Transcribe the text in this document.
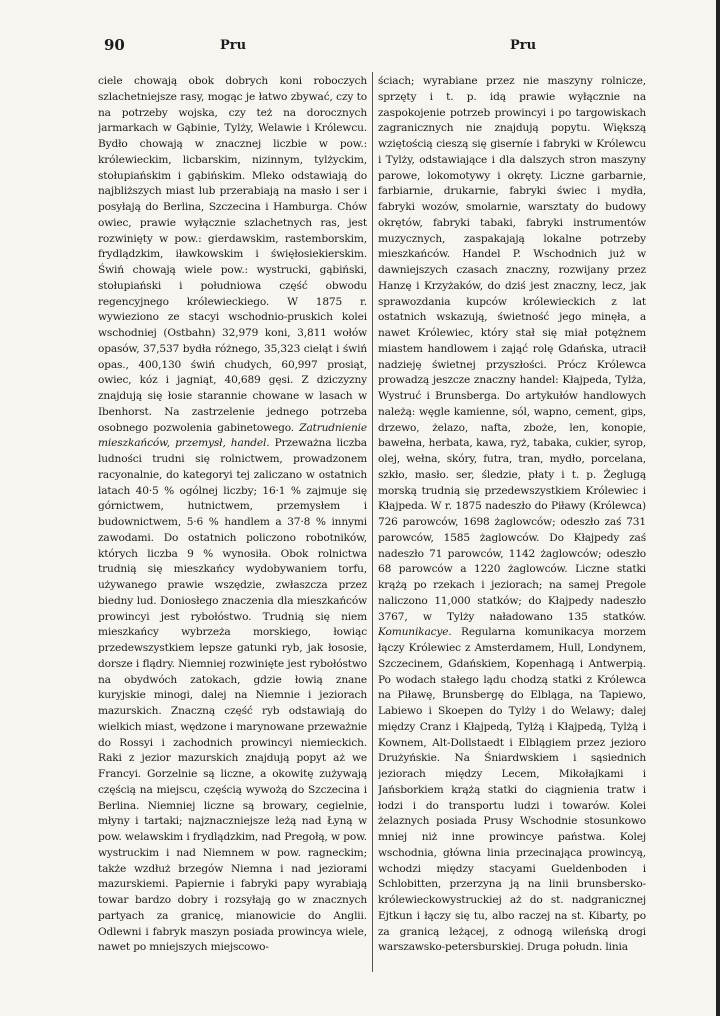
90	Pru	Pru

ciele chowają obok dobrych koni roboczych szlachetniejsze rasy, mogąc je łatwo zbywać, czy to na potrzeby wojska, czy też na dorocznych jarmarkach w Gąbinie, Tylży, Welawie i Królewcu. Bydło chowają w znacznej liczbie w pow.: królewieckim, licbarskim, nizinnym, tylżyckim, stołupiańskim i gąbińskim. Mleko odstawiają do najbliższych miast lub przerabiają na masło i ser i posyłają do Berlina, Szczecina i Hamburga. Chów owiec, prawie wyłącznie szlachetnych ras, jest rozwinięty w pow.: gierdawskim, rastemborskim, frydlądzkim, iławkowskim i święłosiekierskim. Świń chowają wiele pow.: wystrucki, gąbiński, stołupiański i południowa część obwodu regencyjnego królewieckiego. W 1875 r. wywieziono ze stacyi wschodnio-pruskich kolei wschodniej (Ostbahn) 32,979 koni, 3,811 wołów opasów, 37,537 bydła różnego, 35,323 cieląt i świń opas., 400,130 świń chudych, 60,997 prosiąt, owiec, kóz i jagniąt, 40,689 gęsi. Z dziczyzny znajdują się łosie starannie chowane w lasach w Ibenhorst. Na zastrzelenie jednego potrzeba osobnego pozwolenia gabinetowego. Zatrudnienie mieszkańców, przemysł, handel. Przeważna liczba ludności trudni się rolnictwem, prowadzonem racyonalnie, do kategoryi tej zaliczano w ostatnich latach 40·5 % ogólnej liczby; 16·1 % zajmuje się górnictwem, hutnictwem, przemysłem i budownictwem, 5·6 % handlem a 37·8 % innymi zawodami. Do ostatnich policzono robotników, których liczba 9 % wynosiła. Obok rolnictwa trudnią się mieszkańcy wydobywaniem torfu, używanego prawie wszędzie, zwłaszcza przez biedny lud. Doniosłego znaczenia dla mieszkańców prowincyi jest rybołóstwo. Trudnią się niem mieszkańcy wybrzeża morskiego, łowiąc przedewszystkiem lepsze gatunki ryb, jak łososie, dorsze i flądry. Niemniej rozwinięte jest rybołóstwo na obydwóch zatokach, gdzie łowią znane kuryjskie minogi, dalej na Niemnie i jeziorach mazurskich. Znaczną część ryb odstawiają do wielkich miast, wędzone i marynowane przeważnie do Rossyi i zachodnich prowincyi niemieckich. Raki z jezior mazurskich znajdują popyt aż we Francyi. Gorzelnie są liczne, a okowitę zużywają częścią na miejscu, częścią wywożą do Szczecina i Berlina. Niemniej liczne są browary, cegielnie, młyny i tartaki; najznaczniejsze leżą nad Łyną w pow. welawskim i frydlądzkim, nad Pregołą, w pow. wystruckim i nad Niemnem w pow. ragneckim; także wzdłuż brzegów Niemna i nad jeziorami mazurskiemi. Papiernie i fabryki papy wyrabiają towar bardzo dobry i rozsyłają go w znacznych partyach za granicę, mianowicie do Anglii. Odlewni i fabryk maszyn posiada prowincya wiele, nawet po mniejszych miejscowo-

ściach; wyrabiane przez nie maszyny rolnicze, sprzęty i t. p. idą prawie wyłącznie na zaspokojenie potrzeb prowincyi i po targowiskach zagranicznych nie znajdują popytu. Większą wziętością cieszą się giserníe i fabryki w Królewcu i Tylży, odstawiające i dla dalszych stron maszyny parowe, lokomotywy i okręty. Liczne garbarnie, farbiarnie, drukarnie, fabryki świec i mydła, fabryki wozów, smolarnie, warsztaty do budowy okrętów, fabryki tabaki, fabryki instrumentów muzycznych, zaspakajają lokalne potrzeby mieszkańców. Handel P. Wschodnich już w dawniejszych czasach znaczny, rozwijany przez Hanzę i Krzyżaków, do dziś jest znaczny, lecz, jak sprawozdania kupców królewieckich z lat ostatnich wskazują, świetność jego minęła, a nawet Królewiec, który stał się miał potężnem miastem handlowem i zająć rolę Gdańska, utracił nadzieję świetnej przyszłości. Prócz Królewca prowadzą jeszcze znaczny handel: Kłajpeda, Tylża, Wystruć i Brunsberga. Do artykułów handlowych należą: węgle kamienne, sól, wapno, cement, gips, drzewo, żelazo, nafta, zboże, len, konopie, bawełna, herbata, kawa, ryż, tabaka, cukier, syrop, olej, wełna, skóry, futra, tran, mydło, porcelana, szkło, masło. ser, śledzie, płaty i t. p. Żeglugą morską trudnią się przedewszystkiem Królewiec i Kłajpeda. W r. 1875 nadeszło do Piławy (Królewca) 726 parowców, 1698 żaglowców; odeszło zaś 731 parowców, 1585 żaglowców. Do Kłajpedy zaś nadeszło 71 parowców, 1142 żaglowców; odeszło 68 parowców a 1220 żaglowców. Liczne statki krążą po rzekach i jeziorach; na samej Pregole naliczono 11,000 statków; do Kłajpedy nadeszło 3767, w Tylży naładowano 135 statków. Komunikacye. Regularna komunikacya morzem łączy Królewiec z Amsterdamem, Hull, Londynem, Szczecinem, Gdańskiem, Kopenhagą i Antwerpią. Po wodach stałego lądu chodzą statki z Królewca na Piławę, Brunsbergę do Elbląga, na Tapiewo, Labiewo i Skoepen do Tylży i do Welawy; dalej między Cranz i Kłajpedą, Tylżą i Kłajpedą, Tylżą i Kownem, Alt-Dollstaedt i Elblągiem przez jezioro Drużyńskie. Na Śniardwskiem i sąsiednich jeziorach między Lecem, Mikołajkami i Jańsborkiem krążą statki do ciągnienia tratw i łodzi i do transportu ludzi i towarów. Kolei żelaznych posiada Prusy Wschodnie stosunkowo mniej niż inne prowincye państwa. Kolej wschodnia, główna linia przecinająca prowincyą, wchodzi między stacyami Gueldenboden i Schlobitten, przerzyna ją na linii brunsbersko-królewieckowystruckiej aż do st. nadgranicznej Ejtkun i łączy się tu, albo raczej na st. Kibarty, po za granicą leżącej, z odnogą wileńską drogi warszawsko-petersburskiej. Druga połudn. linia
